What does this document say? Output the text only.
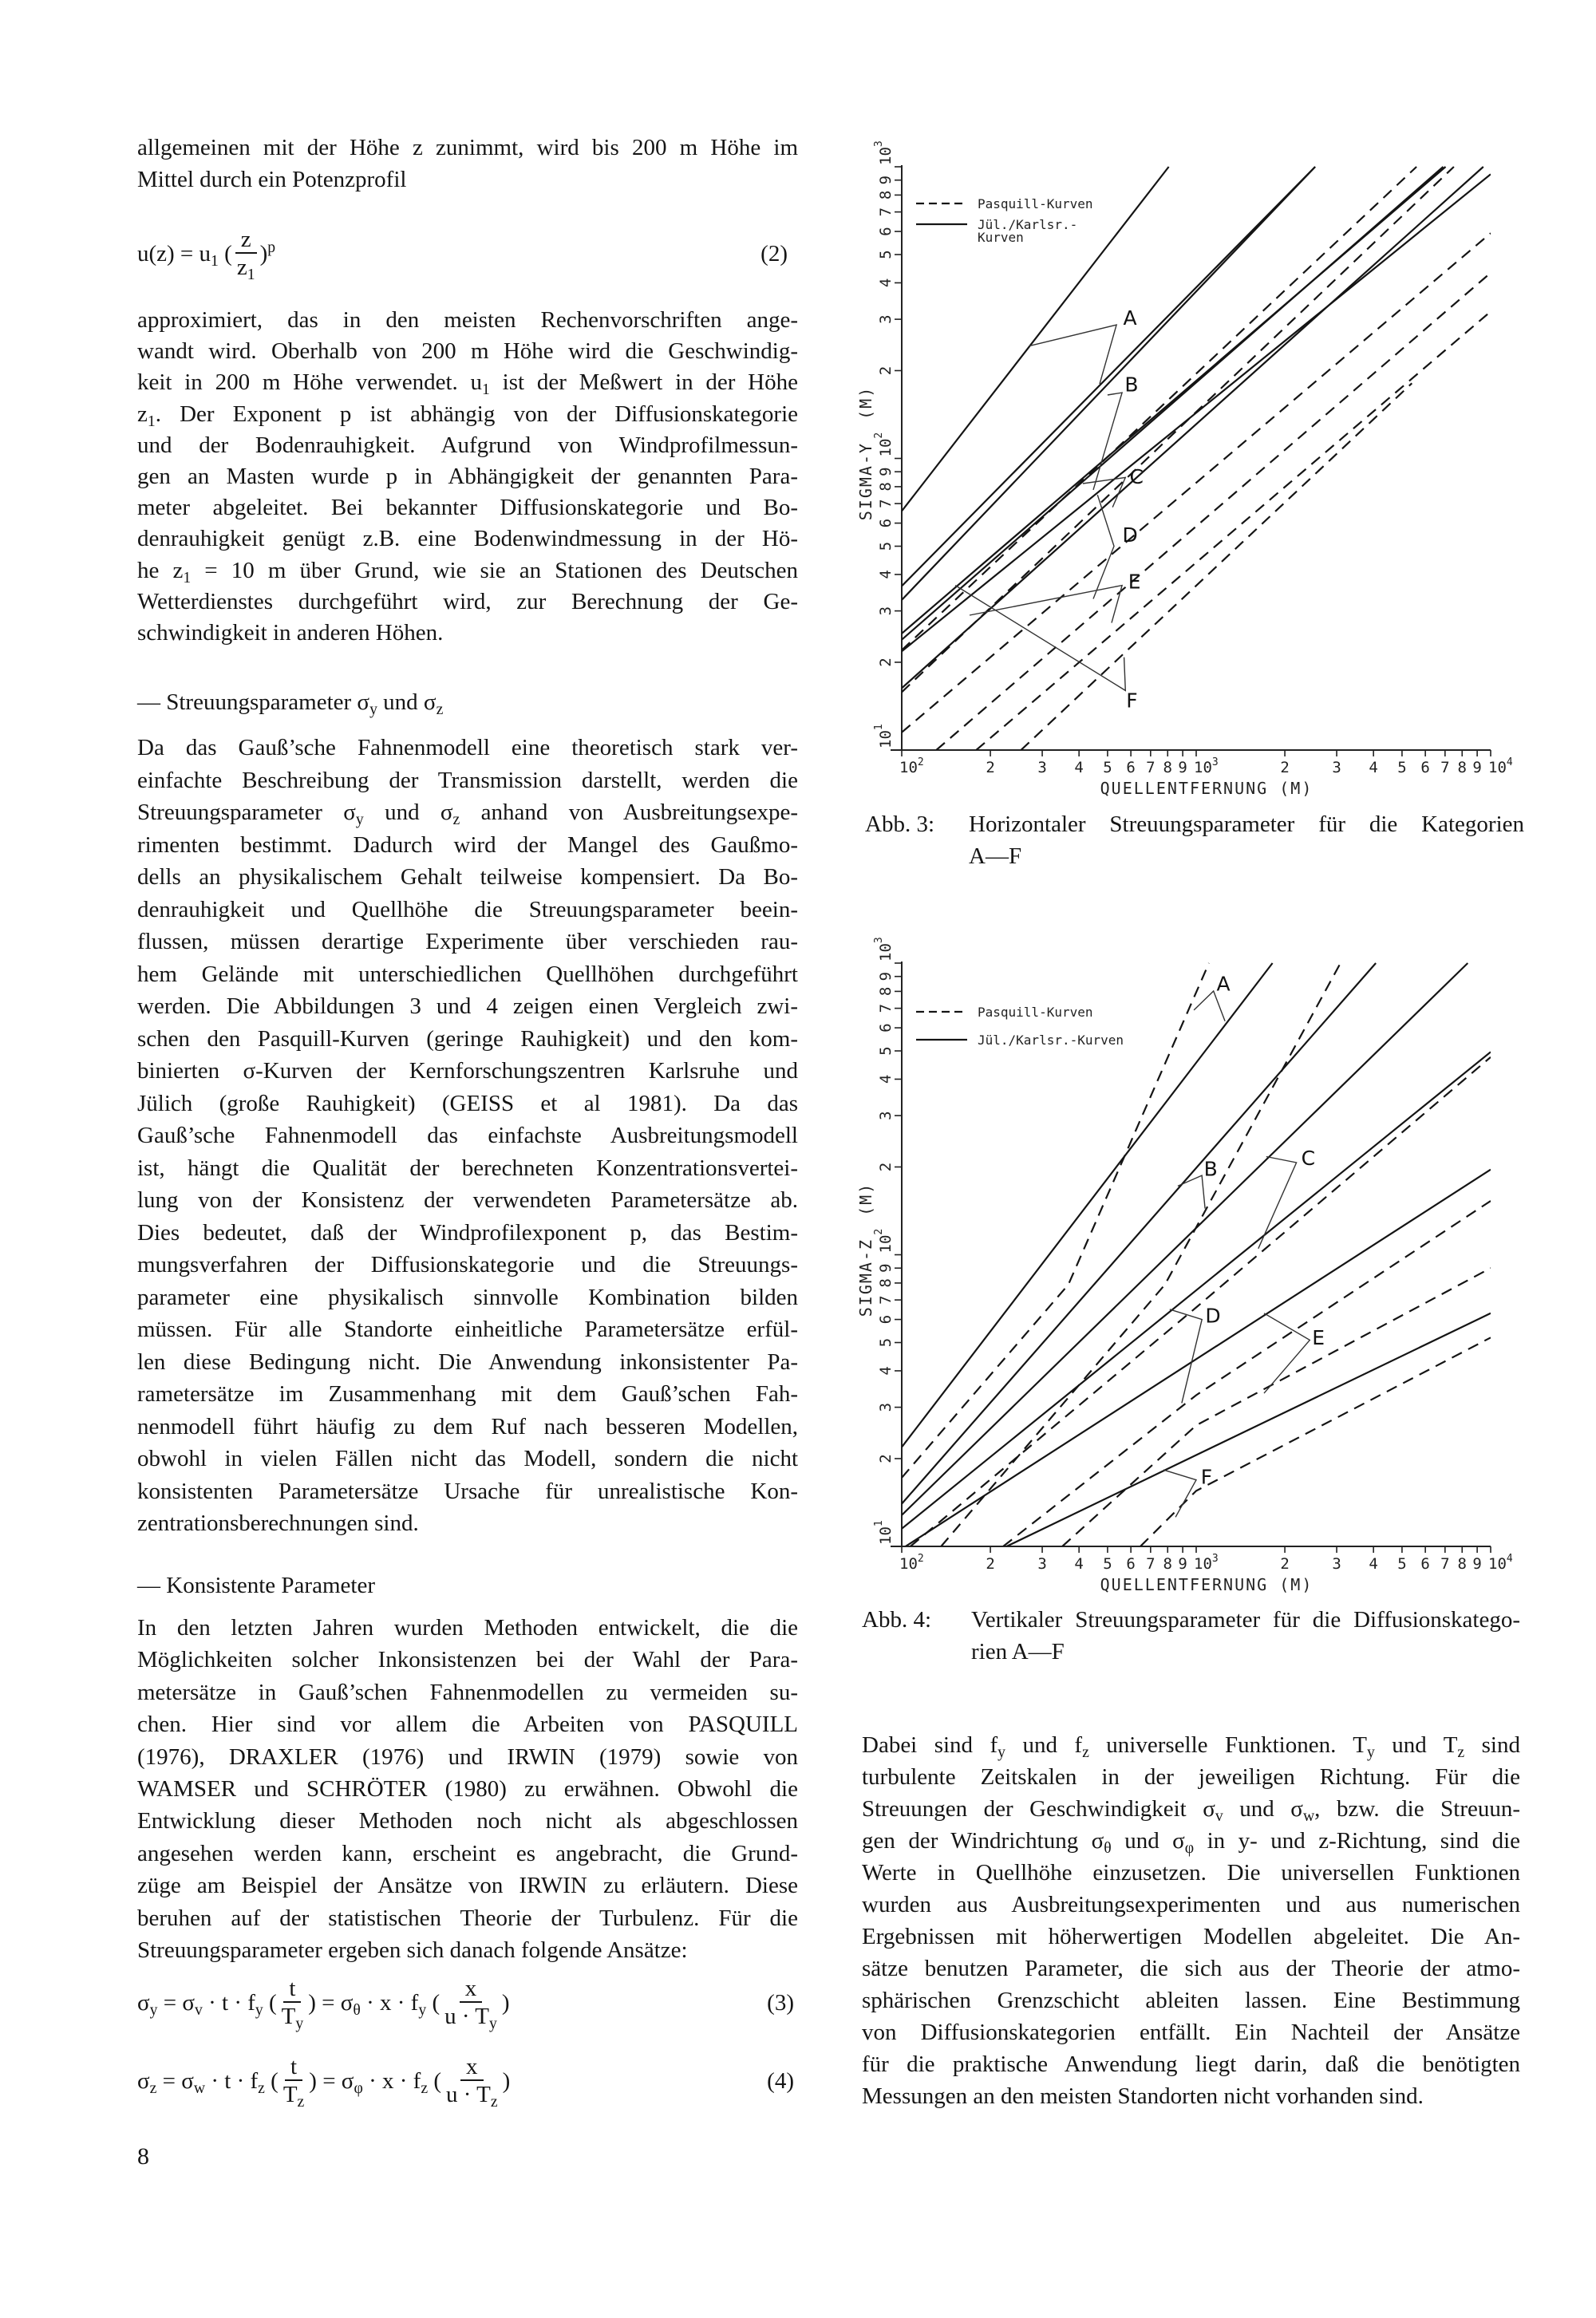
allgemeinen mit der Höhe z zunimmt, wird bis 200 m Höhe im
Mittel durch ein Potenzprofil
$u(z) = u_1$ ( $\frac{z}{z_1} )^p$	(2)
approximiert, das in den meisten Rechenvorschriften ange-
wandt wird. Oberhalb von 200 m Höhe wird die Geschwindig-
keit in 200 m Höhe verwendet. $u_1$ ist der Meßwert in der Höhe
$z_1$. Der Exponent p ist abhängig von der Diffusionskategorie
und der Bodenrauhigkeit. Aufgrund von Windprofilmessun-
gen an Masten wurde p in Abhängigkeit der genannten Para-
meter abgeleitet. Bei bekannter Diffusionskategorie und Bo-
denrauhigkeit genügt z.B. eine Bodenwindmessung in der Hö-
he $z_1 = 10$ m über Grund, wie sie an Stationen des Deutschen
Wetterdienstes durchgeführt wird, zur Berechnung der Ge-
schwindigkeit in anderen Höhen.
— Streuungsparameter $\sigma_y$ und $\sigma_z$
Da das Gauß’sche Fahnenmodell eine theoretisch stark ver-
einfachte Beschreibung der Transmission darstellt, werden die
Streuungsparameter $\sigma_y$ und $\sigma_z$ anhand von Ausbreitungsexpe-
rimenten bestimmt. Dadurch wird der Mangel des Gaußmo-
dells an physikalischem Gehalt teilweise kompensiert. Da Bo-
denrauhigkeit und Quellhöhe die Streuungsparameter beein-
flussen, müssen derartige Experimente über verschieden rau-
hem Gelände mit unterschiedlichen Quellhöhen durchgeführt
werden. Die Abbildungen 3 und 4 zeigen einen Vergleich zwi-
schen den Pasquill-Kurven (geringe Rauhigkeit) und den kom-
binierten σ-Kurven der Kernforschungszentren Karlsruhe und
Jülich (große Rauhigkeit) (GEISS et al 1981). Da das
Gauß’sche Fahnenmodell das einfachste Ausbreitungsmodell
ist, hängt die Qualität der berechneten Konzentrationsvertei-
lung von der Konsistenz der verwendeten Parametersätze ab.
Dies bedeutet, daß der Windprofilexponent p, das Bestim-
mungsverfahren der Diffusionskategorie und die Streuungs-
parameter eine physikalisch sinnvolle Kombination bilden
müssen. Für alle Standorte einheitliche Parametersätze erfül-
len diese Bedingung nicht. Die Anwendung inkonsistenter Pa-
rametersätze im Zusammenhang mit dem Gauß’schen Fah-
nenmodell führt häufig zu dem Ruf nach besseren Modellen,
obwohl in vielen Fällen nicht das Modell, sondern die nicht
konsistenten Parametersätze Ursache für unrealistische Kon-
zentrationsberechnungen sind.
— Konsistente Parameter
In den letzten Jahren wurden Methoden entwickelt, die die
Möglichkeiten solcher Inkonsistenzen bei der Wahl der Para-
metersätze in Gauß’schen Fahnenmodellen zu vermeiden su-
chen. Hier sind vor allem die Arbeiten von PASQUILL
(1976), DRAXLER (1976) und IRWIN (1979) sowie von
WAMSER und SCHRÖTER (1980) zu erwähnen. Obwohl die
Entwicklung dieser Methoden noch nicht als abgeschlossen
angesehen werden kann, erscheint es angebracht, die Grund-
züge am Beispiel der Ansätze von IRWIN zu erläutern. Diese
beruhen auf der statistischen Theorie der Turbulenz. Für die
Streuungsparameter ergeben sich danach folgende Ansätze:
$\sigma_y = \sigma_v \cdot t \cdot f_y$ ( $\frac{t}{T_y}$ ) = $\sigma_\theta \cdot x \cdot f_y$ ( $\frac{x}{u \cdot T_y}$ )	(3)
$\sigma_z = \sigma_w \cdot t \cdot f_z$ ( $\frac{t}{T_z}$ ) = $\sigma_\varphi \cdot x \cdot f_z$ ( $\frac{x}{u \cdot T_z}$ )	(4)
8
$10^2$	2	3 4 5 6 7 8 9 $10^3$	2	3 4 5 6 7 8 9 $10^4$
$10^1$
2
3
4
5
6
7
8
9
$10^2$
2
3
4
5
6
7
8
9
$10^3$
QUELLENTFERNUNG (M)
SIGMA-Y  (M)
Pasquill-Kurven
Jül./Karlsr.-
Kurven
A
B
C
D
E
F
Abb. 3: Horizontaler Streuungsparameter für die Kategorien
A—F
$10^2$	2	3 4 5 6 7 8 9 $10^3$	2	3 4 5 6 7 8 9 $10^4$
$10^1$
2
3
4
5
6
7
8
9
$10^2$
2
3
4
5
6
7
8
9
$10^3$
QUELLENTFERNUNG (M)
SIGMA-Z  (M)
Pasquill-Kurven
Jül./Karlsr.-Kurven
A
B	C
D
E
F
Abb. 4: Vertikaler Streuungsparameter für die Diffusionskatego-
rien A—F
Dabei sind $f_y$ und $f_z$ universelle Funktionen. $T_y$ und $T_z$ sind
turbulente Zeitskalen in der jeweiligen Richtung. Für die
Streuungen der Geschwindigkeit $\sigma_v$ und $\sigma_w$, bzw. die Streuun-
gen der Windrichtung $\sigma_\theta$ und $\sigma_\varphi$ in y- und z-Richtung, sind die
Werte in Quellhöhe einzusetzen. Die universellen Funktionen
wurden aus Ausbreitungsexperimenten und aus numerischen
Ergebnissen mit höherwertigen Modellen abgeleitet. Die An-
sätze benutzen Parameter, die sich aus der Theorie der atmo-
sphärischen Grenzschicht ableiten lassen. Eine Bestimmung
von Diffusionskategorien entfällt. Ein Nachteil der Ansätze
für die praktische Anwendung liegt darin, daß die benötigten
Messungen an den meisten Standorten nicht vorhanden sind.
